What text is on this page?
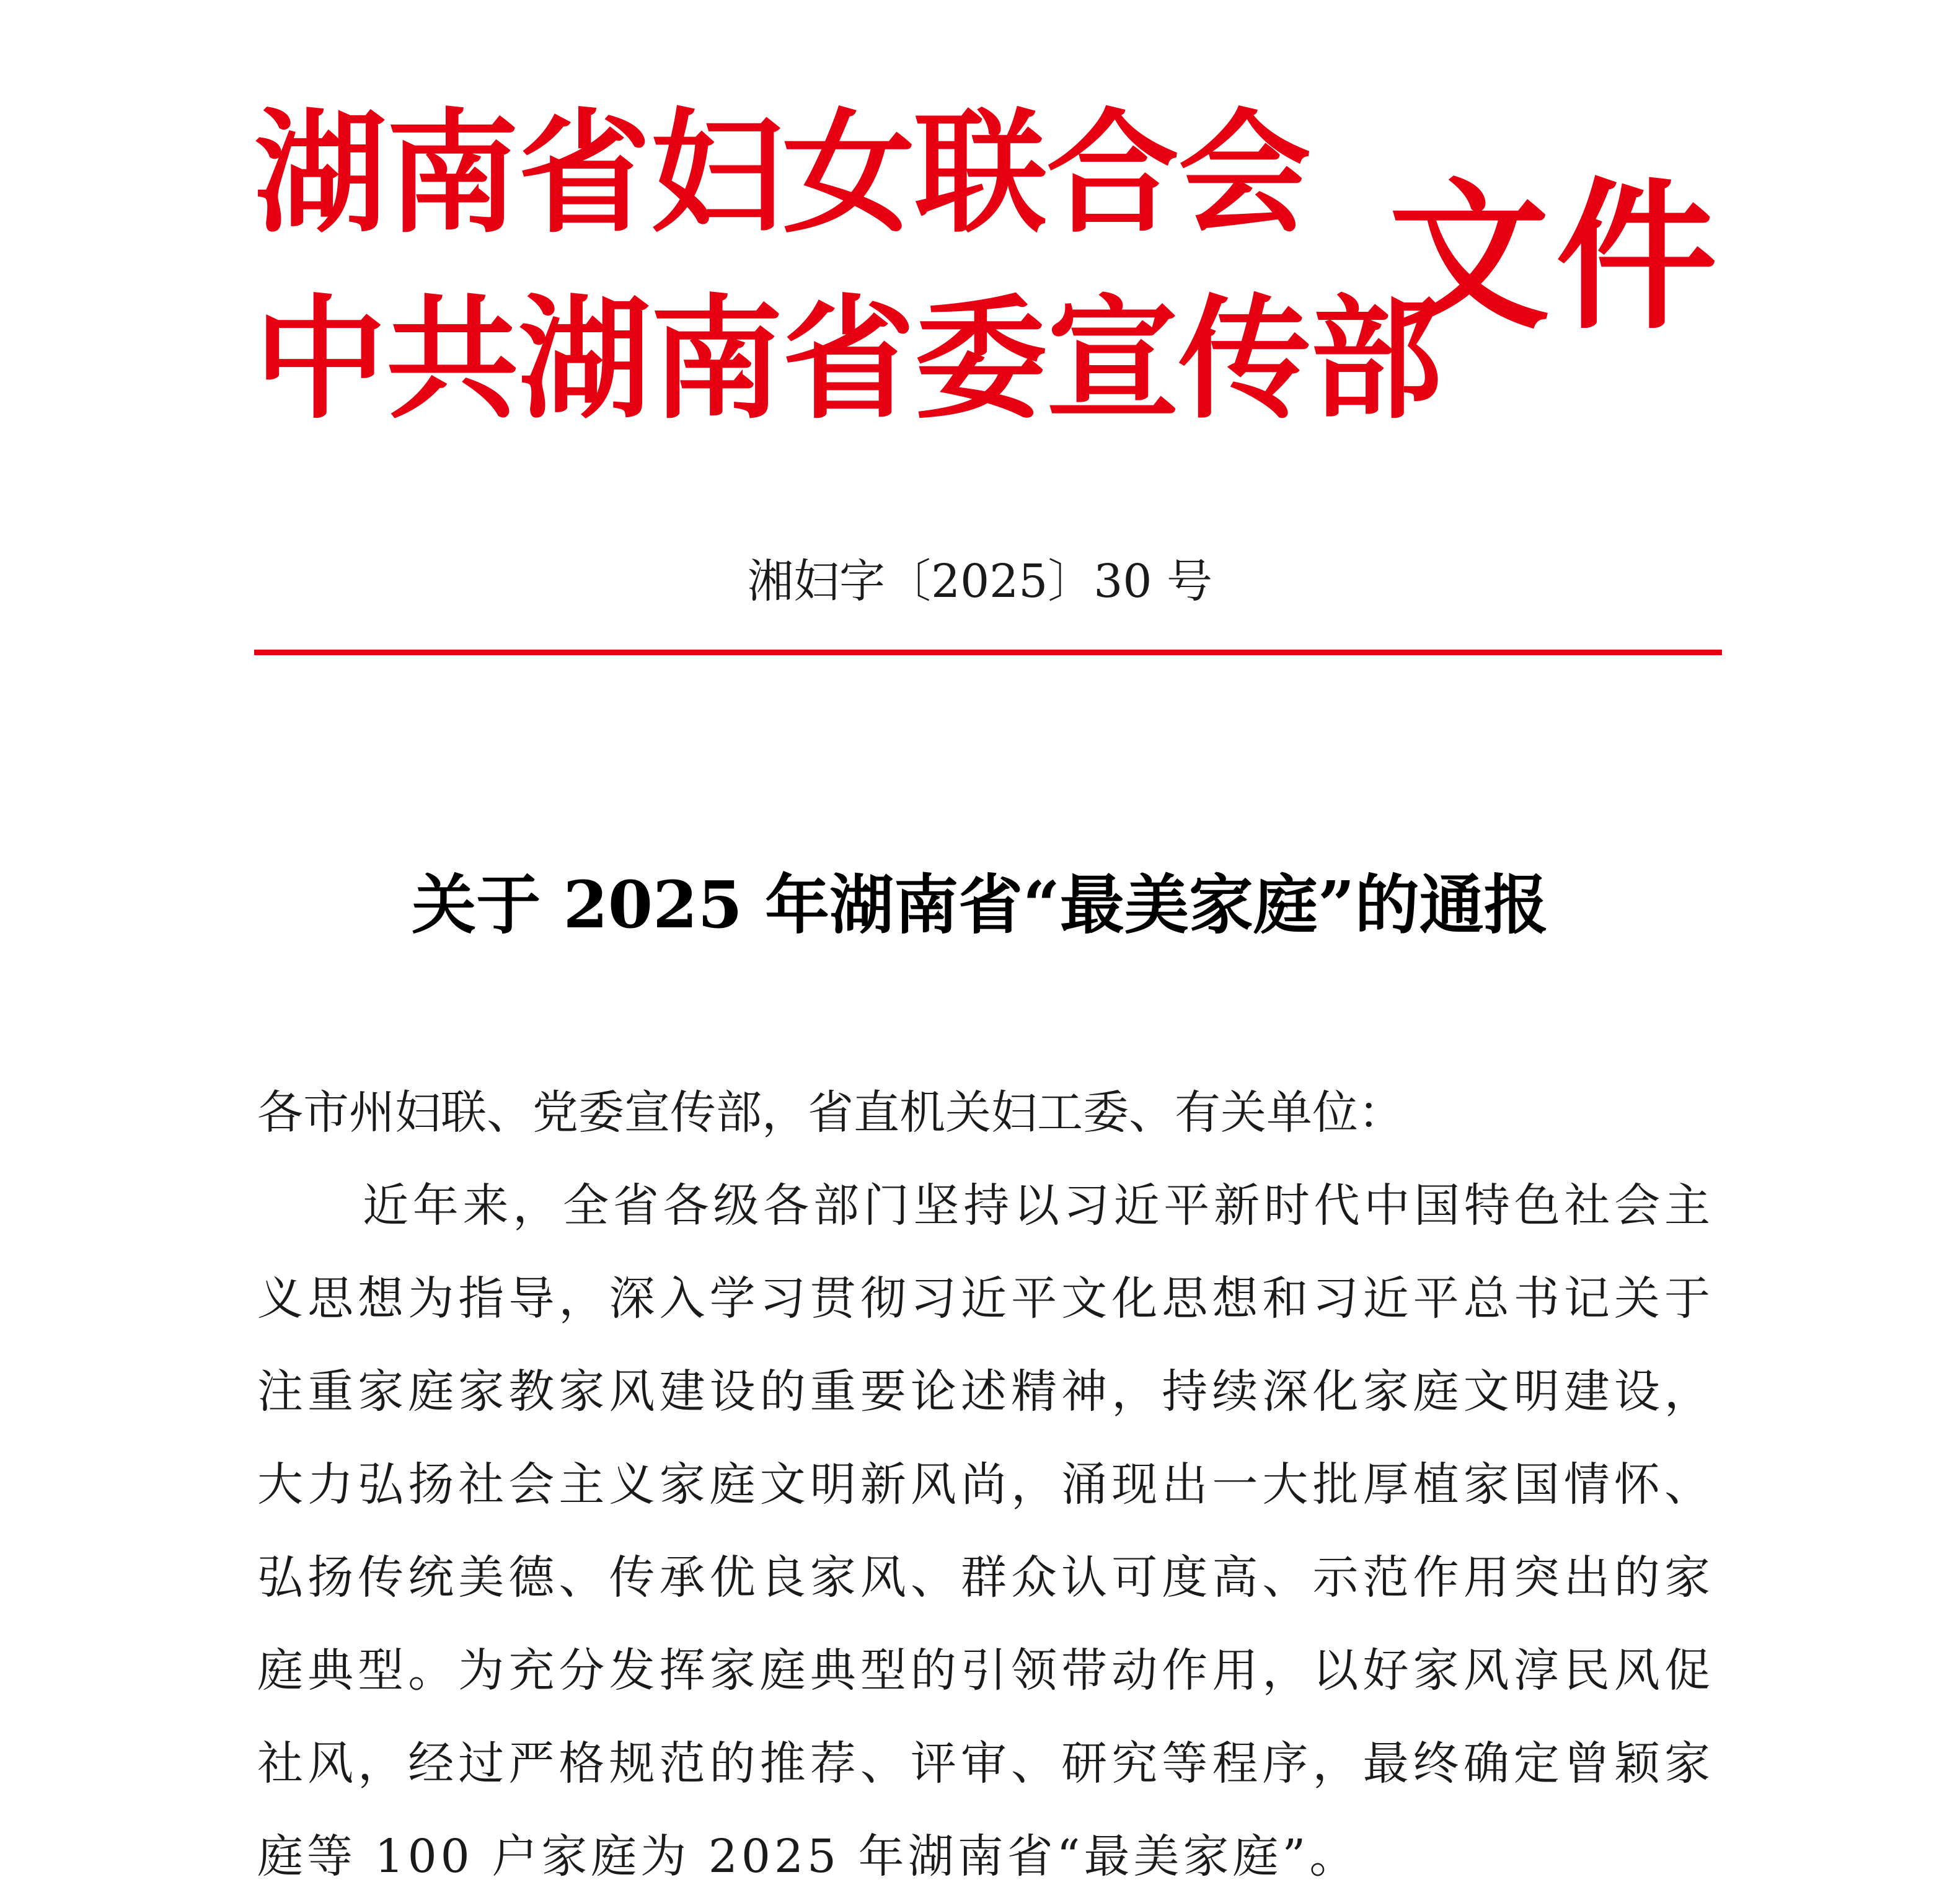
湖南省妇女联合会
中共湖南省委宣传部
文件
湘妇字〔2025〕30 号
关于 2025 年湖南省“最美家庭”的通报
各市州妇联、党委宣传部，省直机关妇工委、有关单位：
近年来，全省各级各部门坚持以习近平新时代中国特色社会主义思想为指导，深入学习贯彻习近平文化思想和习近平总书记关于注重家庭家教家风建设的重要论述精神，持续深化家庭文明建设，大力弘扬社会主义家庭文明新风尚，涌现出一大批厚植家国情怀、弘扬传统美德、传承优良家风、群众认可度高、示范作用突出的家庭典型。为充分发挥家庭典型的引领带动作用，以好家风淳民风促社风，经过严格规范的推荐、评审、研究等程序，最终确定曾颖家庭等 100 户家庭为 2025 年湖南省“最美家庭”。
